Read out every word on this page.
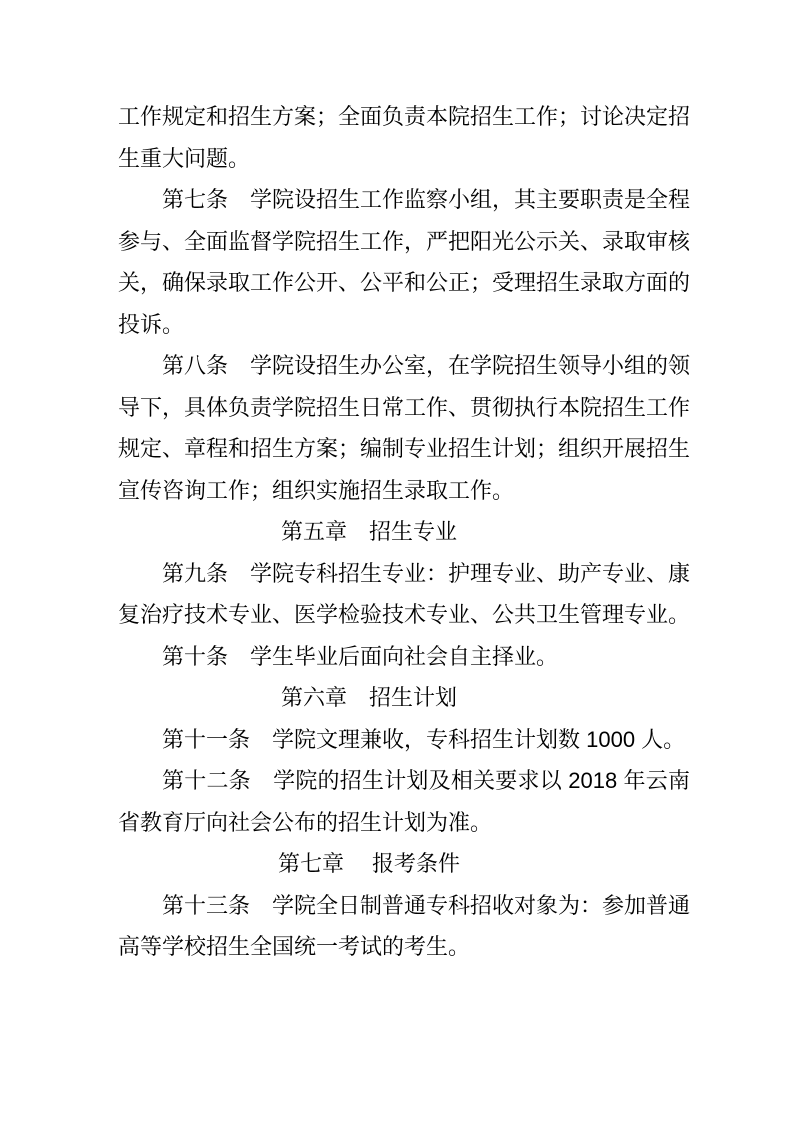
工作规定和招生方案；全面负责本院招生工作；讨论决定招生重大问题。

第七条　学院设招生工作监察小组，其主要职责是全程参与、全面监督学院招生工作，严把阳光公示关、录取审核关，确保录取工作公开、公平和公正；受理招生录取方面的投诉。

第八条　学院设招生办公室，在学院招生领导小组的领导下，具体负责学院招生日常工作、贯彻执行本院招生工作规定、章程和招生方案；编制专业招生计划；组织开展招生宣传咨询工作；组织实施招生录取工作。

第五章　招生专业

第九条　学院专科招生专业：护理专业、助产专业、康复治疗技术专业、医学检验技术专业、公共卫生管理专业。

第十条　学生毕业后面向社会自主择业。

第六章　招生计划

第十一条　学院文理兼收，专科招生计划数 1000 人。

第十二条　学院的招生计划及相关要求以 2018 年云南省教育厅向社会公布的招生计划为准。

第七章　 报考条件

第十三条　学院全日制普通专科招收对象为：参加普通高等学校招生全国统一考试的考生。
